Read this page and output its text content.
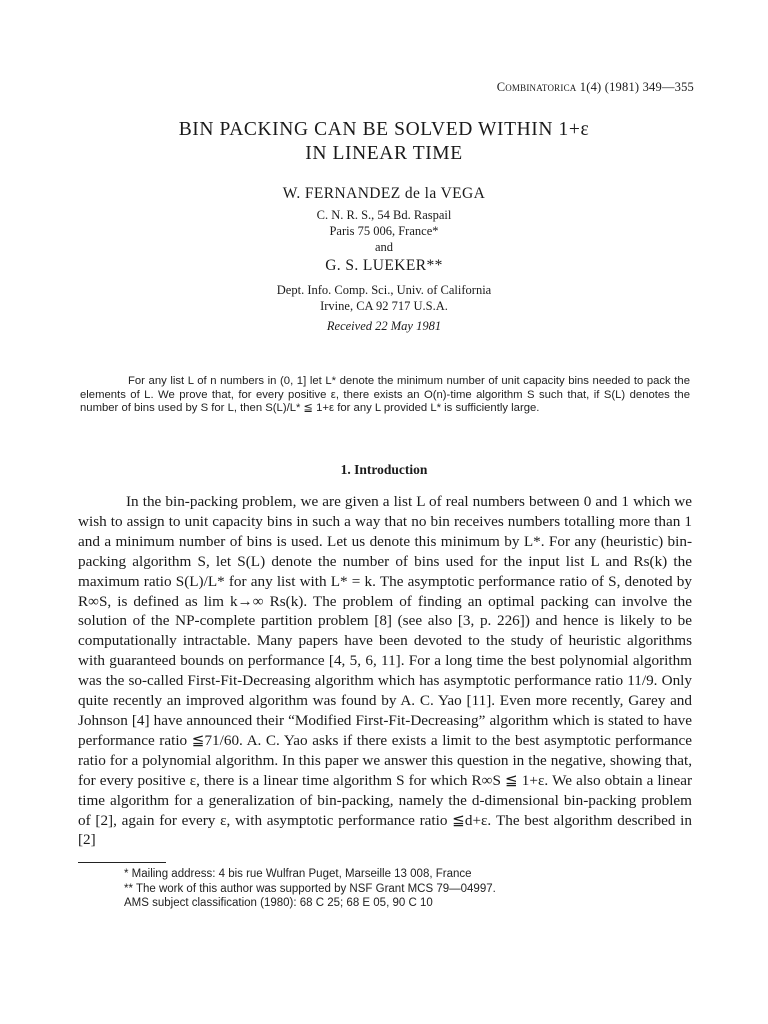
Combinatorica 1(4) (1981) 349—355
BIN PACKING CAN BE SOLVED WITHIN 1+ε
IN LINEAR TIME
W. FERNANDEZ de la VEGA
C. N. R. S., 54 Bd. Raspail
Paris 75 006, France*
and
G. S. LUEKER**
Dept. Info. Comp. Sci., Univ. of California
Irvine, CA 92 717 U.S.A.
Received 22 May 1981

For any list L of n numbers in (0, 1] let L* denote the minimum number of unit capacity bins needed to pack the elements of L. We prove that, for every positive ε, there exists an O(n)-time algorithm S such that, if S(L) denotes the number of bins used by S for L, then S(L)/L* ≦ 1+ε for any L provided L* is sufficiently large.

1. Introduction

In the bin-packing problem, we are given a list L of real numbers between 0 and 1 which we wish to assign to unit capacity bins in such a way that no bin receives numbers totalling more than 1 and a minimum number of bins is used. Let us denote this minimum by L*. For any (heuristic) bin-packing algorithm S, let S(L) denote the number of bins used for the input list L and Rs(k) the maximum ratio S(L)/L* for any list with L* = k. The asymptotic performance ratio of S, denoted by R∞S, is defined as lim k→∞ Rs(k). The problem of finding an optimal packing can involve the solution of the NP-complete partition problem [8] (see also [3, p. 226]) and hence is likely to be computationally intractable. Many papers have been devoted to the study of heuristic algorithms with guaranteed bounds on performance [4, 5, 6, 11]. For a long time the best polynomial algorithm was the so-called First-Fit-Decreasing algorithm which has asymptotic performance ratio 11/9. Only quite recently an improved algorithm was found by A. C. Yao [11]. Even more recently, Garey and Johnson [4] have announced their “Modified First-Fit-Decreasing” algorithm which is stated to have performance ratio ≦71/60. A. C. Yao asks if there exists a limit to the best asymptotic performance ratio for a polynomial algorithm. In this paper we answer this question in the negative, showing that, for every positive ε, there is a linear time algorithm S for which R∞S ≦ 1+ε. We also obtain a linear time algorithm for a generalization of bin-packing, namely the d-dimensional bin-packing problem of [2], again for every ε, with asymptotic performance ratio ≦d+ε. The best algorithm described in [2]

* Mailing address: 4 bis rue Wulfran Puget, Marseille 13 008, France
** The work of this author was supported by NSF Grant MCS 79—04997.
AMS subject classification (1980): 68 C 25; 68 E 05, 90 C 10
